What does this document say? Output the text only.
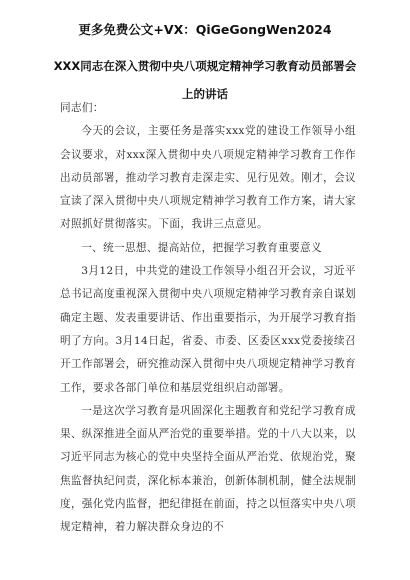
更多免费公文+VX：QiGeGongWen2024
XXX同志在深入贯彻中央八项规定精神学习教育动员部署会上的讲话

同志们：

今天的会议，主要任务是落实xxx党的建设工作领导小组会议要求，对xxx深入贯彻中央八项规定精神学习教育工作作出动员部署，推动学习教育走深走实、见行见效。刚才，会议宣读了深入贯彻中央八项规定精神学习教育工作方案，请大家对照抓好贯彻落实。下面，我讲三点意见。

一、统一思想、提高站位，把握学习教育重要意义

3月12日，中共党的建设工作领导小组召开会议，习近平总书记高度重视深入贯彻中央八项规定精神学习教育亲自谋划确定主题、发表重要讲话、作出重要指示，为开展学习教育指明了方向。3月14日起，省委、市委、区委区xxx党委接续召开工作部署会，研究推动深入贯彻中央八项规定精神学习教育工作，要求各部门单位和基层党组织启动部署。

一是这次学习教育是巩固深化主题教育和党纪学习教育成果、纵深推进全面从严治党的重要举措。党的十八大以来，以习近平同志为核心的党中央坚持全面从严治党、依规治党，聚焦监督执纪问责，深化标本兼治，创新体制机制，健全法规制度，强化党内监督，把纪律挺在前面，持之以恒落实中央八项规定精神，着力解决群众身边的不
